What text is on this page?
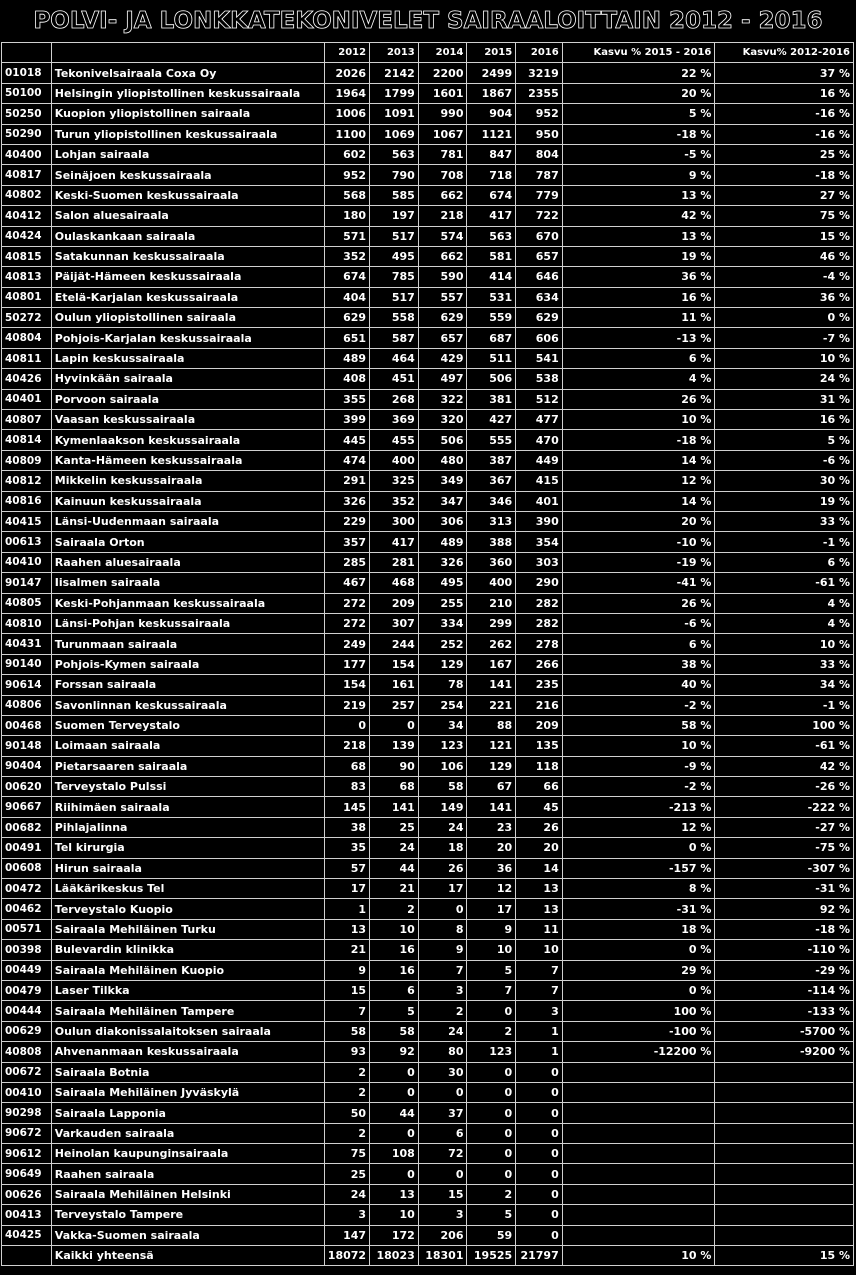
POLVI- JA LONKKATEKONIVELET SAIRAALOITTAIN 2012 - 2016
		2012	2013	2014	2015	2016	Kasvu % 2015 - 2016	Kasvu% 2012-2016
01018	Tekonivelsairaala Coxa Oy	2026	2142	2200	2499	3219	22 %	37 %
50100	Helsingin yliopistollinen keskussairaala	1964	1799	1601	1867	2355	20 %	16 %
50250	Kuopion yliopistollinen sairaala	1006	1091	990	904	952	5 %	-16 %
50290	Turun yliopistollinen keskussairaala	1100	1069	1067	1121	950	-18 %	-16 %
40400	Lohjan sairaala	602	563	781	847	804	-5 %	25 %
40817	Seinäjoen keskussairaala	952	790	708	718	787	9 %	-18 %
40802	Keski-Suomen keskussairaala	568	585	662	674	779	13 %	27 %
40412	Salon aluesairaala	180	197	218	417	722	42 %	75 %
40424	Oulaskankaan sairaala	571	517	574	563	670	13 %	15 %
40815	Satakunnan keskussairaala	352	495	662	581	657	19 %	46 %
40813	Päijät-Hämeen keskussairaala	674	785	590	414	646	36 %	-4 %
40801	Etelä-Karjalan keskussairaala	404	517	557	531	634	16 %	36 %
50272	Oulun yliopistollinen sairaala	629	558	629	559	629	11 %	0 %
40804	Pohjois-Karjalan keskussairaala	651	587	657	687	606	-13 %	-7 %
40811	Lapin keskussairaala	489	464	429	511	541	6 %	10 %
40426	Hyvinkään sairaala	408	451	497	506	538	4 %	24 %
40401	Porvoon sairaala	355	268	322	381	512	26 %	31 %
40807	Vaasan keskussairaala	399	369	320	427	477	10 %	16 %
40814	Kymenlaakson keskussairaala	445	455	506	555	470	-18 %	5 %
40809	Kanta-Hämeen keskussairaala	474	400	480	387	449	14 %	-6 %
40812	Mikkelin keskussairaala	291	325	349	367	415	12 %	30 %
40816	Kainuun keskussairaala	326	352	347	346	401	14 %	19 %
40415	Länsi-Uudenmaan sairaala	229	300	306	313	390	20 %	33 %
00613	Sairaala Orton	357	417	489	388	354	-10 %	-1 %
40410	Raahen aluesairaala	285	281	326	360	303	-19 %	6 %
90147	Iisalmen sairaala	467	468	495	400	290	-41 %	-61 %
40805	Keski-Pohjanmaan keskussairaala	272	209	255	210	282	26 %	4 %
40810	Länsi-Pohjan keskussairaala	272	307	334	299	282	-6 %	4 %
40431	Turunmaan sairaala	249	244	252	262	278	6 %	10 %
90140	Pohjois-Kymen sairaala	177	154	129	167	266	38 %	33 %
90614	Forssan sairaala	154	161	78	141	235	40 %	34 %
40806	Savonlinnan keskussairaala	219	257	254	221	216	-2 %	-1 %
00468	Suomen Terveystalo	0	0	34	88	209	58 %	100 %
90148	Loimaan sairaala	218	139	123	121	135	10 %	-61 %
90404	Pietarsaaren sairaala	68	90	106	129	118	-9 %	42 %
00620	Terveystalo Pulssi	83	68	58	67	66	-2 %	-26 %
90667	Riihimäen sairaala	145	141	149	141	45	-213 %	-222 %
00682	Pihlajalinna	38	25	24	23	26	12 %	-27 %
00491	Tel kirurgia	35	24	18	20	20	0 %	-75 %
00608	Hirun sairaala	57	44	26	36	14	-157 %	-307 %
00472	Lääkärikeskus Tel	17	21	17	12	13	8 %	-31 %
00462	Terveystalo Kuopio	1	2	0	17	13	-31 %	92 %
00571	Sairaala Mehiläinen Turku	13	10	8	9	11	18 %	-18 %
00398	Bulevardin klinikka	21	16	9	10	10	0 %	-110 %
00449	Sairaala Mehiläinen Kuopio	9	16	7	5	7	29 %	-29 %
00479	Laser Tilkka	15	6	3	7	7	0 %	-114 %
00444	Sairaala Mehiläinen Tampere	7	5	2	0	3	100 %	-133 %
00629	Oulun diakonissalaitoksen sairaala	58	58	24	2	1	-100 %	-5700 %
40808	Ahvenanmaan keskussairaala	93	92	80	123	1	-12200 %	-9200 %
00672	Sairaala Botnia	2	0	30	0	0		
00410	Sairaala Mehiläinen Jyväskylä	2	0	0	0	0		
90298	Sairaala Lapponia	50	44	37	0	0		
90672	Varkauden sairaala	2	0	6	0	0		
90612	Heinolan kaupunginsairaala	75	108	72	0	0		
90649	Raahen sairaala	25	0	0	0	0		
00626	Sairaala Mehiläinen Helsinki	24	13	15	2	0		
00413	Terveystalo Tampere	3	10	3	5	0		
40425	Vakka-Suomen sairaala	147	172	206	59	0		
	Kaikki yhteensä	18072	18023	18301	19525	21797	10 %	15 %
